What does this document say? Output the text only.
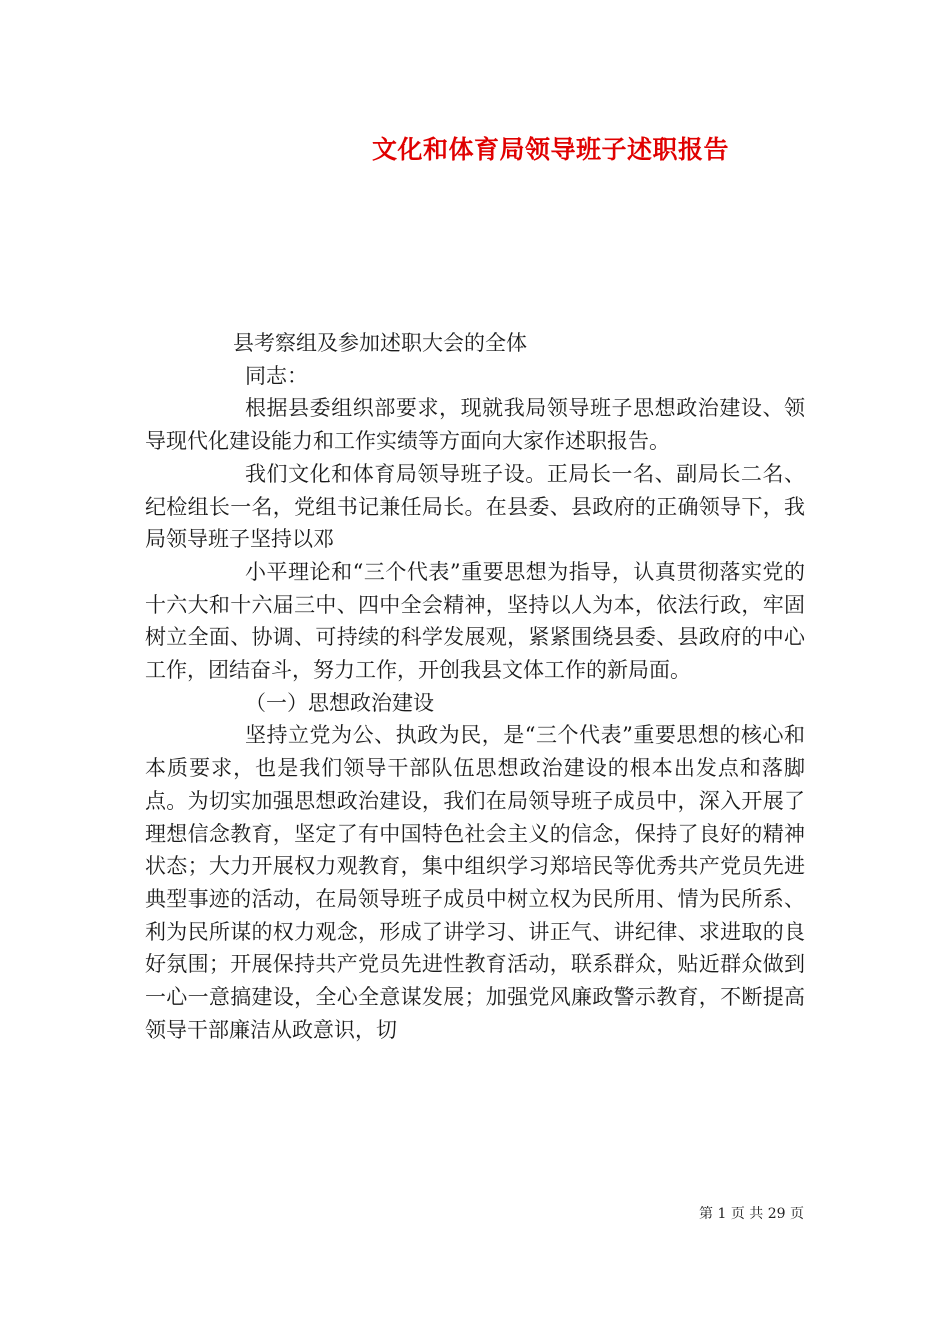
文化和体育局领导班子述职报告

县考察组及参加述职大会的全体

同志：

根据县委组织部要求，现就我局领导班子思想政治建设、领导现代化建设能力和工作实绩等方面向大家作述职报告。

我们文化和体育局领导班子设。正局长一名、副局长二名、纪检组长一名，党组书记兼任局长。在县委、县政府的正确领导下，我局领导班子坚持以邓

小平理论和“三个代表”重要思想为指导，认真贯彻落实党的十六大和十六届三中、四中全会精神，坚持以人为本，依法行政，牢固树立全面、协调、可持续的科学发展观，紧紧围绕县委、县政府的中心工作，团结奋斗，努力工作，开创我县文体工作的新局面。

（一）思想政治建设

坚持立党为公、执政为民，是“三个代表”重要思想的核心和本质要求，也是我们领导干部队伍思想政治建设的根本出发点和落脚点。为切实加强思想政治建设，我们在局领导班子成员中，深入开展了理想信念教育，坚定了有中国特色社会主义的信念，保持了良好的精神状态；大力开展权力观教育，集中组织学习郑培民等优秀共产党员先进典型事迹的活动，在局领导班子成员中树立权为民所用、情为民所系、利为民所谋的权力观念，形成了讲学习、讲正气、讲纪律、求进取的良好氛围；开展保持共产党员先进性教育活动，联系群众，贴近群众做到一心一意搞建设，全心全意谋发展；加强党风廉政警示教育，不断提高领导干部廉洁从政意识，切

第 1 页 共 29 页
